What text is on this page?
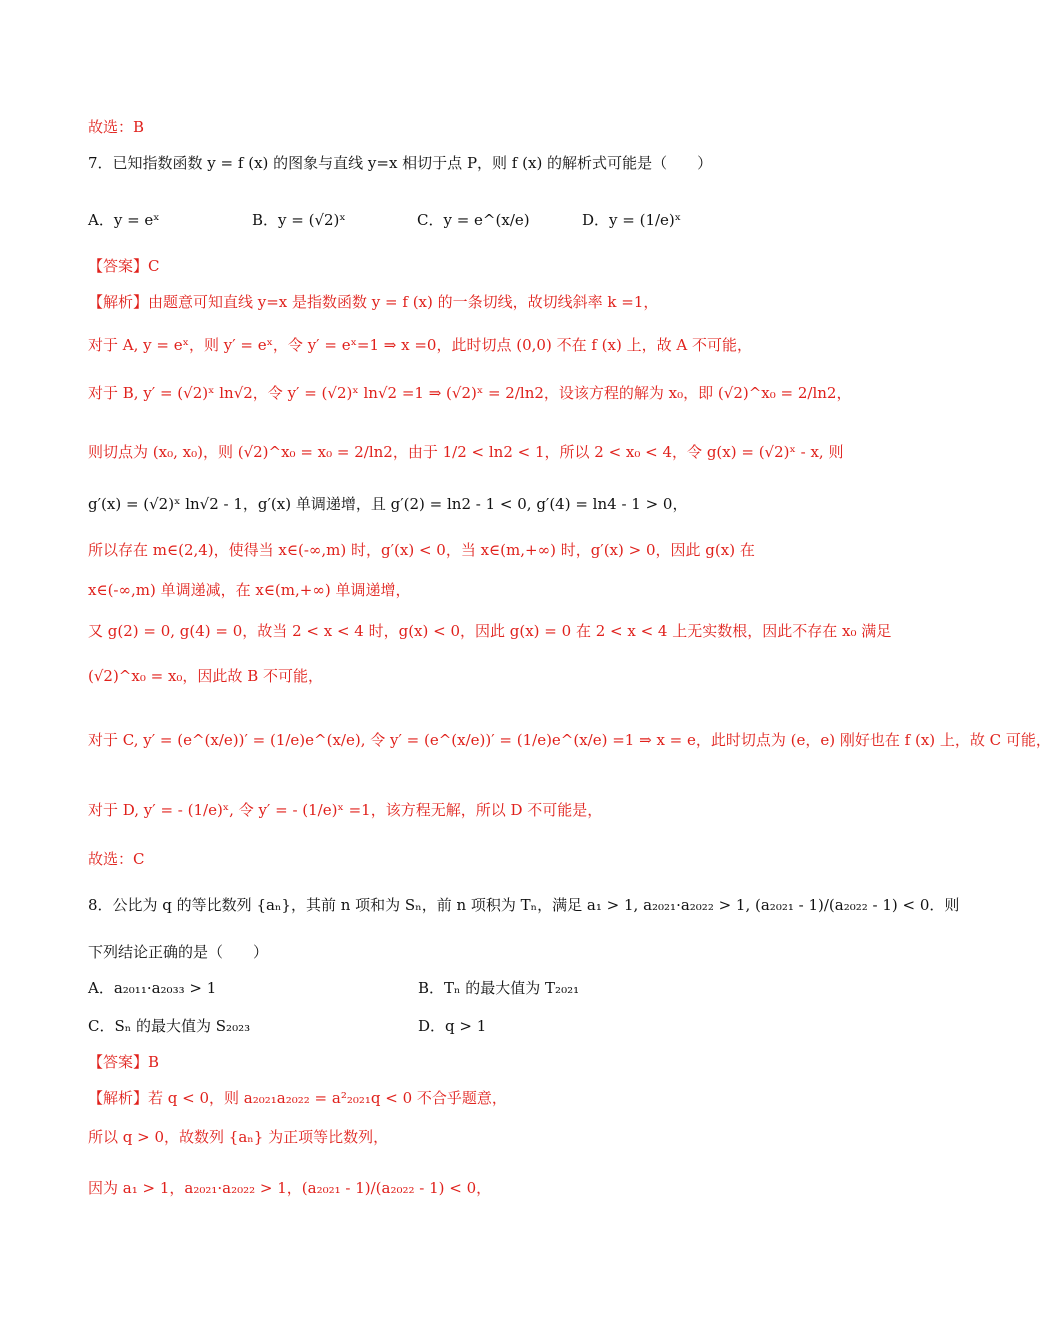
故选：B
7．已知指数函数 y = f (x) 的图象与直线 y=x 相切于点 P，则 f (x) 的解析式可能是（　　）
【答案】C
【解析】由题意可知直线 y=x 是指数函数 y = f (x) 的一条切线，故切线斜率 k =1，
对于 A, y = eˣ，则 y′ = eˣ，令 y′ = eˣ=1 ⇒ x =0，此时切点 (0,0) 不在 f (x) 上，故 A 不可能，
对于 B, y′ = (√2)ˣ ln√2，令 y′ = (√2)ˣ ln√2 =1 ⇒ (√2)ˣ = 2/ln2，设该方程的解为 x₀，即 (√2)^x₀ = 2/ln2，
则切点为 (x₀, x₀)，则 (√2)^x₀ = x₀ = 2/ln2，由于 1/2 < ln2 < 1，所以 2 < x₀ < 4，令 g(x) = (√2)ˣ - x, 则
g′(x) = (√2)ˣ ln√2 - 1，g′(x) 单调递增，且 g′(2) = ln2 - 1 < 0, g′(4) = ln4 - 1 > 0，
所以存在 m∈(2,4)，使得当 x∈(-∞,m) 时，g′(x) < 0，当 x∈(m,+∞) 时，g′(x) > 0，因此 g(x) 在
x∈(-∞,m) 单调递减，在 x∈(m,+∞) 单调递增，
又 g(2) = 0, g(4) = 0，故当 2 < x < 4 时，g(x) < 0，因此 g(x) = 0 在 2 < x < 4 上无实数根，因此不存在 x₀ 满足
(√2)^x₀ = x₀，因此故 B 不可能，
对于 C, y′ = (e^(x/e))′ = (1/e)e^(x/e), 令 y′ = (e^(x/e))′ = (1/e)e^(x/e) =1 ⇒ x = e，此时切点为 (e，e) 刚好也在 f (x) 上，故 C 可能，
对于 D, y′ = - (1/e)ˣ, 令 y′ = - (1/e)ˣ =1，该方程无解，所以 D 不可能是，
故选：C
8．公比为 q 的等比数列 {aₙ}，其前 n 项和为 Sₙ，前 n 项积为 Tₙ，满足 a₁ > 1, a₂₀₂₁·a₂₀₂₂ > 1, (a₂₀₂₁ - 1)/(a₂₀₂₂ - 1) < 0．则
下列结论正确的是（　　）
【答案】B
【解析】若 q < 0，则 a₂₀₂₁a₂₀₂₂ = a²₂₀₂₁q < 0 不合乎题意，
所以 q > 0，故数列 {aₙ} 为正项等比数列，
因为 a₁ > 1，a₂₀₂₁·a₂₀₂₂ > 1，(a₂₀₂₁ - 1)/(a₂₀₂₂ - 1) < 0，
A．y = eˣ	B．y = (√2)ˣ	C．y = e^(x/e)	D．y = (1/e)ˣ
A．a₂₀₁₁·a₂₀₃₃ > 1	B．Tₙ 的最大值为 T₂₀₂₁
C．Sₙ 的最大值为 S₂₀₂₃	D．q > 1
